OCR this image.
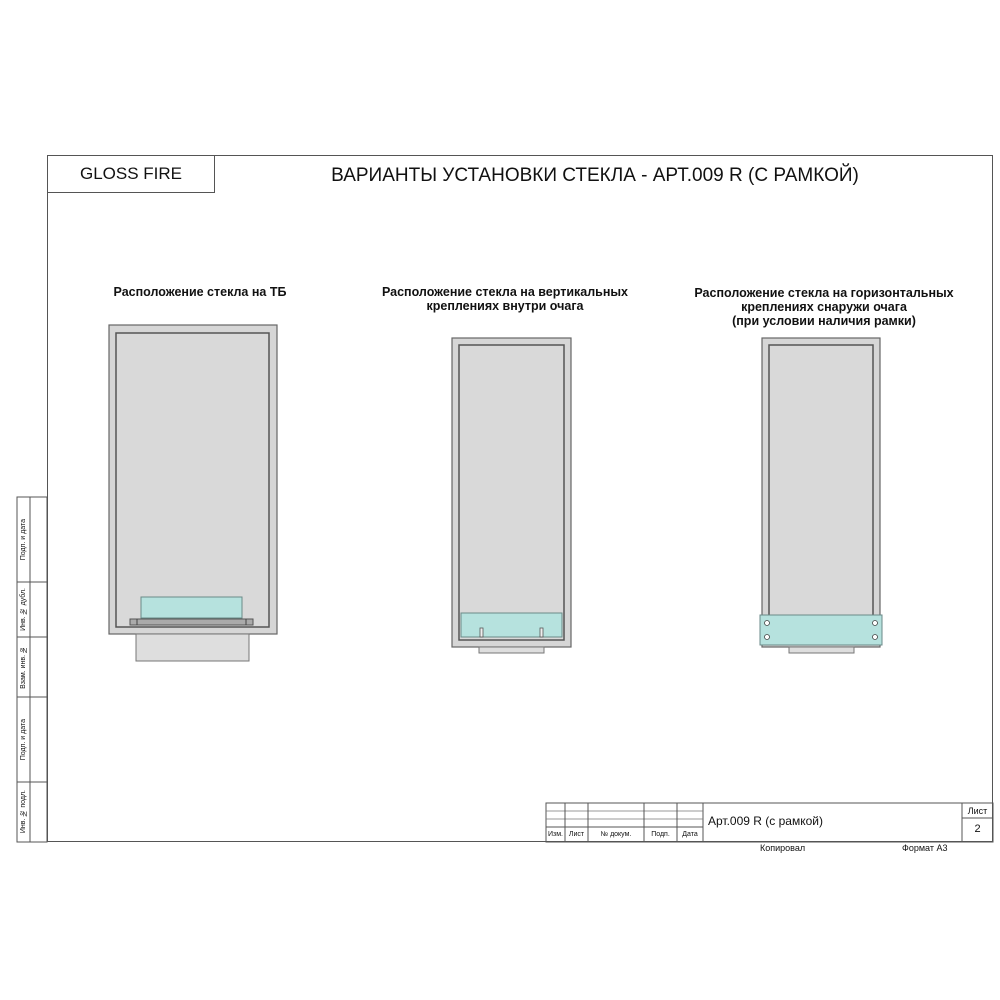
GLOSS FIRE	ВАРИАНТЫ УСТАНОВКИ СТЕКЛА - АРТ.009 R (С РАМКОЙ)
Расположение стекла на ТБ	Расположение стекла на вертикальных
креплениях внутри очага
Расположение стекла на горизонтальных
креплениях снаружи очага
(при условии наличия рамки)
Подп. и дата
Инв. № дубл.
Взам. инв. №
Подп. и дата
Инв. № подл.
Изм. Лист	№ докум.	Подп.	Дата
Арт.009 R (с рамкой)
Лист
2
Копировал	Формат А3
